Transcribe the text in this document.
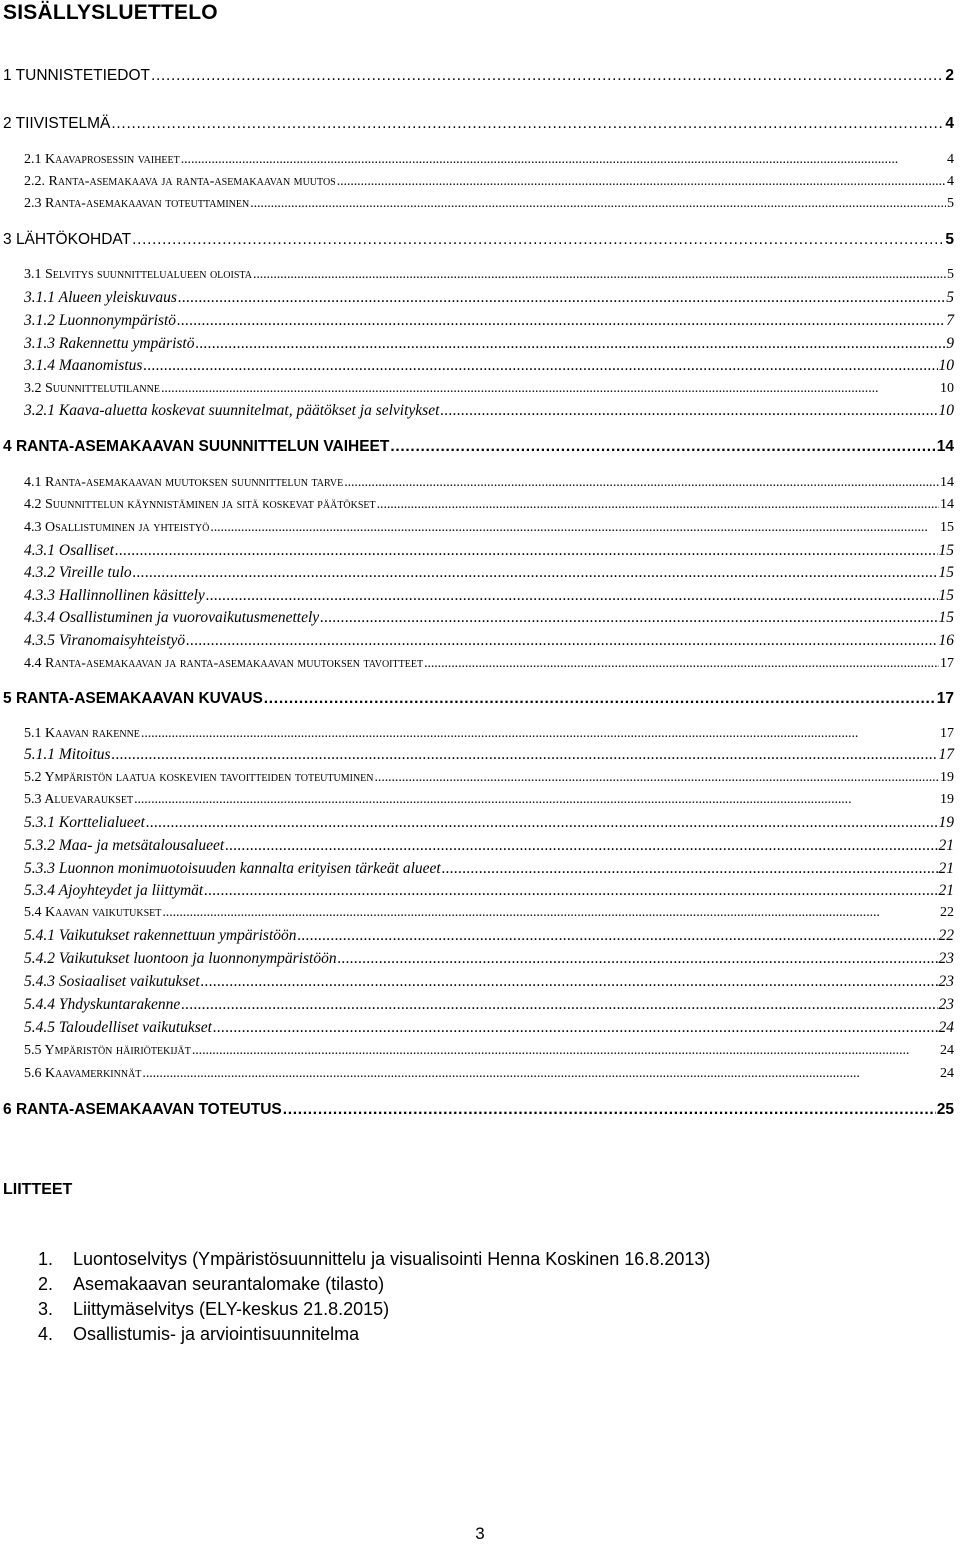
SISÄLLYSLUETTELO
1 TUNNISTETIEDOT . . .	2
2 TIIVISTELMÄ . . .	4
2.1 Kaavaprosessin vaiheet . . .	4
2.2. Ranta-asemakaava ja ranta-asemakaavan muutos . . .	4
2.3 Ranta-asemakaavan toteuttaminen . . .	5
3 LÄHTÖKOHDAT . . .	5
3.1 Selvitys suunnittelualueen oloista . . .	5
3.1.1 Alueen yleiskuvaus . . .	5
3.1.2 Luonnonympäristö . . .	7
3.1.3 Rakennettu ympäristö . . .	9
3.1.4 Maanomistus . . .	10
3.2 Suunnittelutilanne . . .	10
3.2.1 Kaava-aluetta koskevat suunnitelmat, päätökset ja selvitykset . . .	10
4 RANTA-ASEMAKAAVAN SUUNNITTELUN VAIHEET . . .	14
4.1 Ranta-asemakaavan muutoksen suunnittelun tarve . . .	14
4.2 Suunnittelun käynnistäminen ja sitä koskevat päätökset . . .	14
4.3 Osallistuminen ja yhteistyö . . .	15
4.3.1 Osalliset . . .	15
4.3.2 Vireille tulo . . .	15
4.3.3 Hallinnollinen käsittely . . .	15
4.3.4 Osallistuminen ja vuorovaikutusmenettely . . .	15
4.3.5 Viranomaisyhteistyö . . .	16
4.4 Ranta-asemakaavan ja ranta-asemakaavan muutoksen tavoitteet . . .	17
5 RANTA-ASEMAKAAVAN KUVAUS . . .	17
5.1 Kaavan rakenne . . .	17
5.1.1 Mitoitus . . .	17
5.2 Ympäristön laatua koskevien tavoitteiden toteutuminen . . .	19
5.3 Aluevaraukset . . .	19
5.3.1 Korttelialueet . . .	19
5.3.2 Maa- ja metsätalousalueet . . .	21
5.3.3 Luonnon monimuotoisuuden kannalta erityisen tärkeät alueet . . .	21
5.3.4 Ajoyhteydet ja liittymät . . .	21
5.4 Kaavan vaikutukset . . .	22
5.4.1 Vaikutukset rakennettuun ympäristöön . . .	22
5.4.2 Vaikutukset luontoon ja luonnonympäristöön . . .	23
5.4.3 Sosiaaliset vaikutukset . . .	23
5.4.4 Yhdyskuntarakenne . . .	23
5.4.5 Taloudelliset vaikutukset . . .	24
5.5 Ympäristön häiriötekijät . . .	24
5.6 Kaavamerkinnät . . .	24
6 RANTA-ASEMAKAAVAN TOTEUTUS . . .	25
LIITTEET
1. Luontoselvitys (Ympäristösuunnittelu ja visualisointi Henna Koskinen 16.8.2013)
2. Asemakaavan seurantalomake (tilasto)
3. Liittymäselvitys (ELY-keskus 21.8.2015)
4. Osallistumis- ja arviointisuunnitelma
3
